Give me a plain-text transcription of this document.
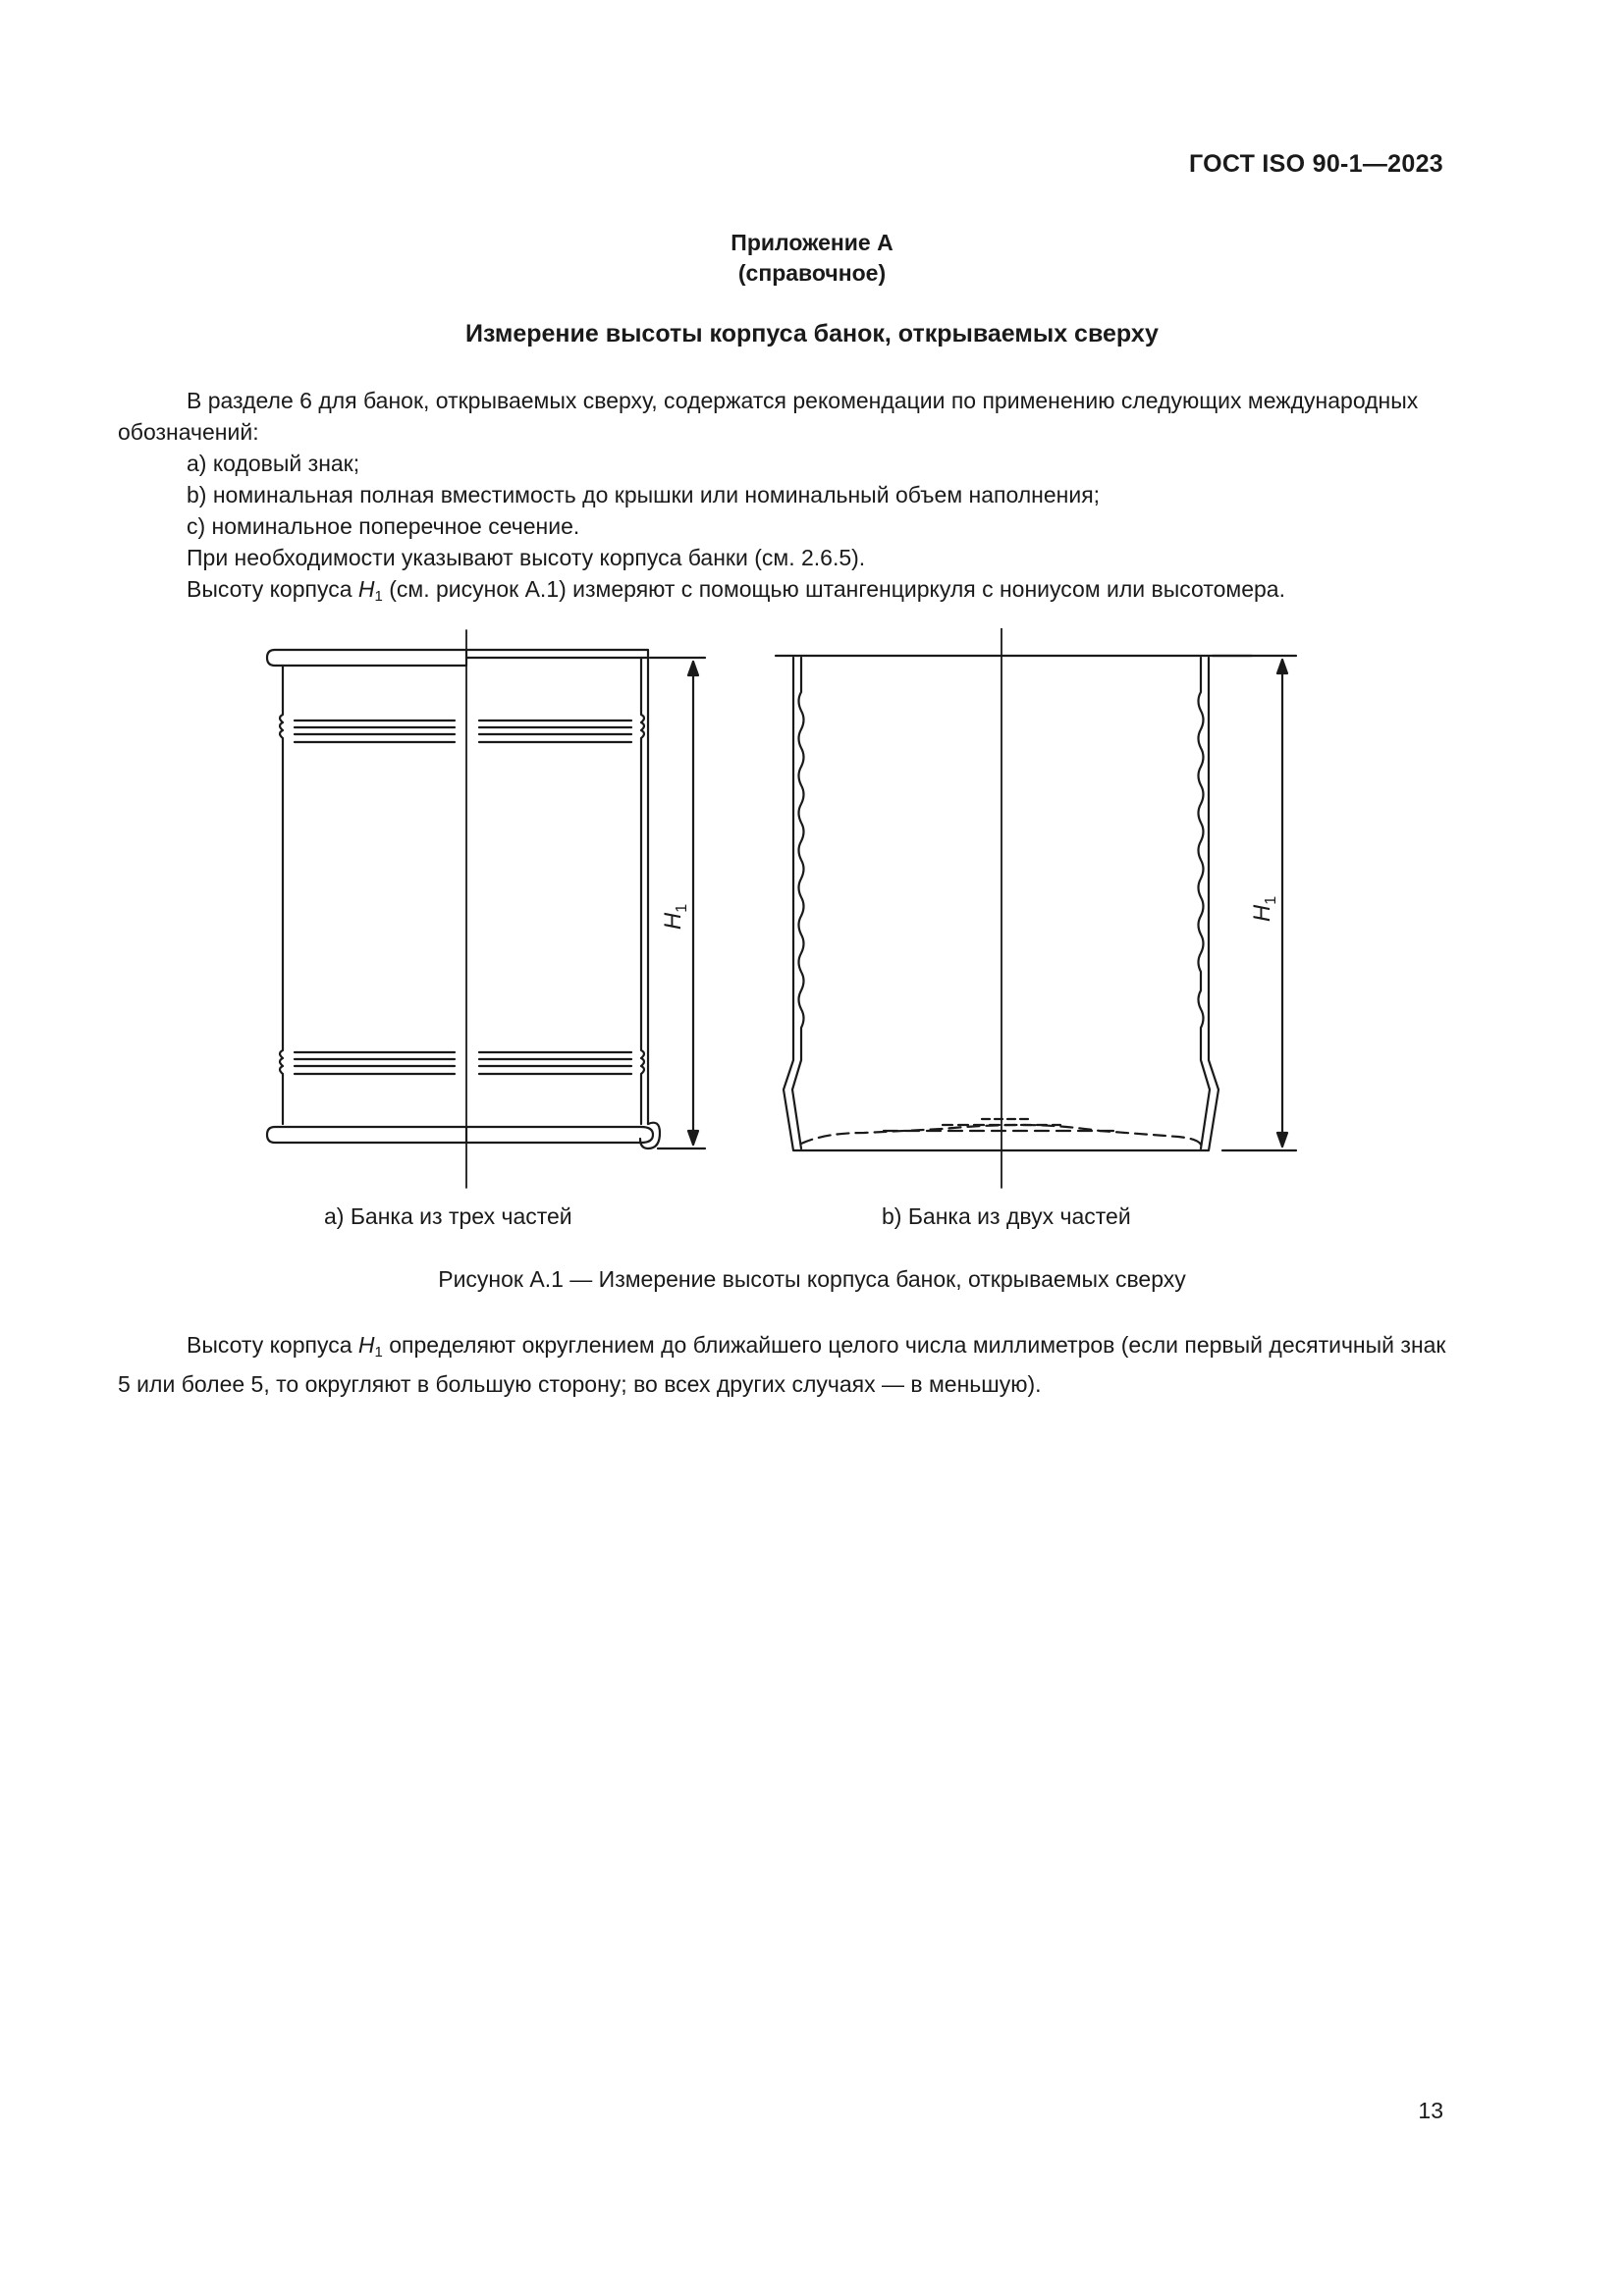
ГОСТ ISO 90-1—2023
Приложение А
(справочное)
Измерение высоты корпуса банок, открываемых сверху

В разделе 6 для банок, открываемых сверху, содержатся рекомендации по применению следующих международных обозначений:

a) кодовый знак;

b) номинальная полная вместимость до крышки или номинальный объем наполнения;

c) номинальное поперечное сечение.

При необходимости указывают высоту корпуса банки (см. 2.6.5).

Высоту корпуса $H_1$ (см. рисунок А.1) измеряют с помощью штангенциркуля с нониусом или высотомера.

$H_1$	$H_1$
a) Банка из трех частей	b) Банка из двух частей
Рисунок А.1 — Измерение высоты корпуса банок, открываемых сверху

Высоту корпуса $H_1$ определяют округлением до ближайшего целого числа миллиметров (если первый десятичный знак 5 или более 5, то округляют в большую сторону; во всех других случаях — в меньшую).

13
